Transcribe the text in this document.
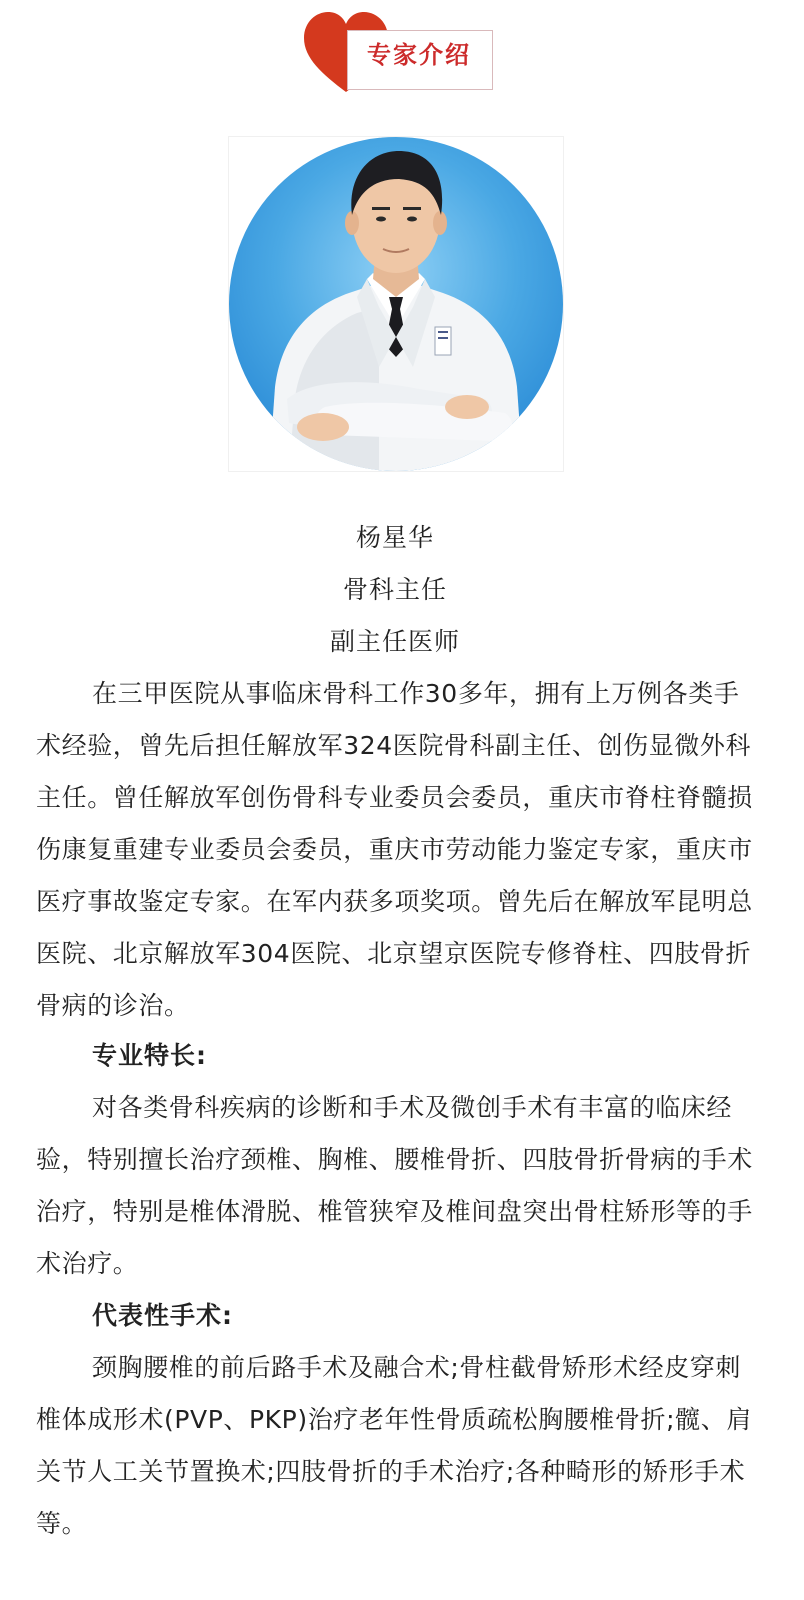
专家介绍
杨星华
骨科主任
副主任医师

在三甲医院从事临床骨科工作30多年，拥有上万例各类手术经验，曾先后担任解放军324医院骨科副主任、创伤显微外科主任。曾任解放军创伤骨科专业委员会委员，重庆市脊柱脊髓损伤康复重建专业委员会委员，重庆市劳动能力鉴定专家，重庆市医疗事故鉴定专家。在军内获多项奖项。曾先后在解放军昆明总医院、北京解放军304医院、北京望京医院专修脊柱、四肢骨折骨病的诊治。

专业特长:

对各类骨科疾病的诊断和手术及微创手术有丰富的临床经验，特别擅长治疗颈椎、胸椎、腰椎骨折、四肢骨折骨病的手术治疗，特别是椎体滑脱、椎管狭窄及椎间盘突出骨柱矫形等的手术治疗。

代表性手术:

颈胸腰椎的前后路手术及融合术;骨柱截骨矫形术经皮穿刺椎体成形术(PVP、PKP)治疗老年性骨质疏松胸腰椎骨折;髋、肩关节人工关节置换术;四肢骨折的手术治疗;各种畸形的矫形手术等。
